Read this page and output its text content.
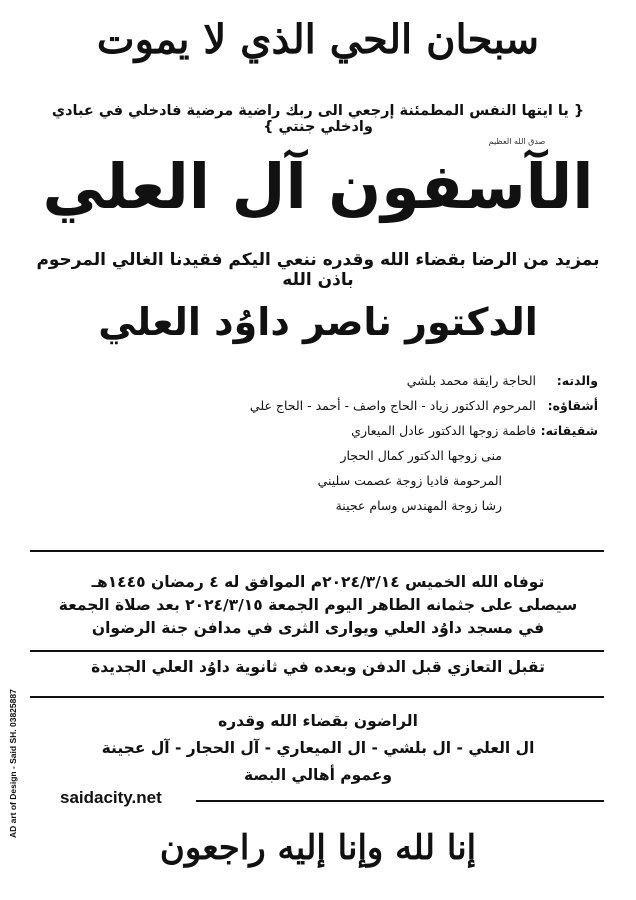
سبحان الحي الذي لا يموت
{ يا ايتها النفس المطمئنة إرجعي الى ربك راضية مرضية فادخلي في عبادي وادخلي جنتي }
صدق الله العظيم
الآسفون آل العلي
بمزيد من الرضا بقضاء الله وقدره ننعي اليكم فقيدنا الغالي المرحوم باذن الله
الدكتور ناصر داوُد العلي
والدته:
الحاجة رايقة محمد بلشي
أشقاؤه:
المرحوم الدكتور زياد - الحاج واصف - أحمد - الحاج علي
شقيقاته:
فاطمة زوجها الدكتور عادل الميعاري
منى زوجها الدكتور كمال الحجار
المرحومة فاديا زوجة عصمت سليني
رشا زوجة المهندس وسام عجينة
توفاه الله الخميس ٢٠٢٤/٣/١٤م الموافق له ٤ رمضان ١٤٤٥هـ
سيصلى على جثمانه الطاهر اليوم الجمعة ٢٠٢٤/٣/١٥ بعد صلاة الجمعة
في مسجد داوُد العلي ويوارى الثرى في مدافن جنة الرضوان
تقبل التعازي قبل الدفن وبعده في ثانوية داوُد العلي الجديدة
الراضون بقضاء الله وقدره
ال العلي - ال بلشي - ال الميعاري - آل الحجار - آل عجينة
وعموم أهالي البصة
saidacity.net
AD art of Design - Said SH. 03825887
إنا لله وإنا إليه راجعون
